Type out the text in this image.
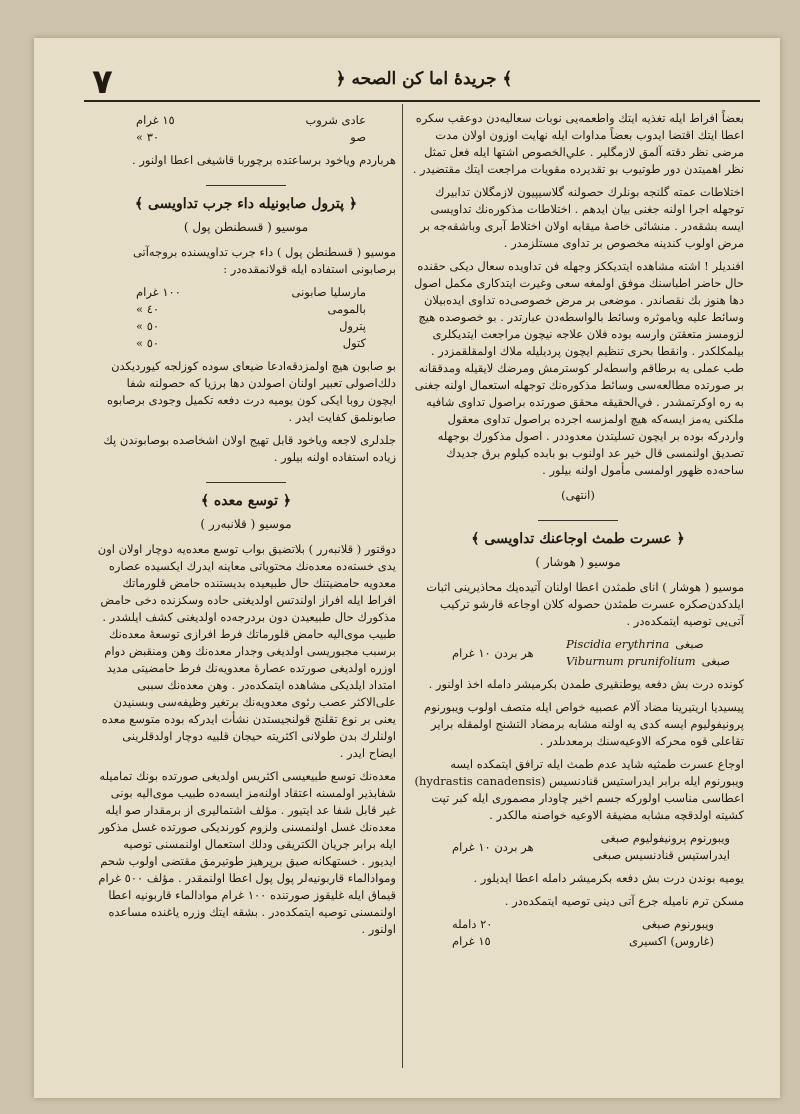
٧	﴿ جريدهٔ اما كن الصحه ﴾

بعضاً افراط ايله تغذيه ايتك واطعمه‌يى نوبات سعاليه‌دن دوعقب سكره اعطا ايتك اقتضا ايدوب بعضاً مداوات ايله نهايت اوزون اولان مدت مرضى نظر دقته آلمق لازمگلير . علي‌الخصوص اشتها ايله فعل تمثل نظر اهميتدن دور طوتيوب بو تقديرده مقويات مراجعت ايتك مقتضيدر .

اختلاطات عمته گلنجه بونلرك حصولنه گلاسيپيون لازمگلان تدابيرك توجهله اجرا اولنه جغنى بيان ايدهم . اختلاطات مذكوره‌نك تداويسى ايسه بشقه‌در . منشائى خاصهٔ ميقابه اولان اختلاط آبرى وباشقه‌جه بر مرض اولوب كندينه مخصوص بر تداوى مستلزمدر .

افنديلر ! اشته مشاهده ايتديككز وجهله فن تداويده سعال ديكى حقنده حال حاضر اطباسنك موفق اولمغه سعى وغيرت ايتدكارى مكمل اصول دها هنوز بك نقصاندر . موضعى بر مرض خصوصى‌ده تداوى ايده‌بيلان وسائط عليه وياموثره وسائط بالواسطه‌دن عبارتدر . بو خصوصده هيچ لزومسز متعقتن وارسه بوده فلان علاجه نيچون مراجعت ايتديكلرى بيلمكلكدر . وانقطا بحرى تنظيم ايچون پرديليله ملاك اولمقلقمزدر . طب عملى يه برطاقم واسطه‌لر كوسترمش ومرضك لايقيله ومدققانه بر صورتده مطالعه‌سى وسائط مذكوره‌نك توجهله استعمال اولنه جغنى به ره اوكرتمشدر . في‌الحقيقه محقق صورتده براصول تداوى شافيه ملكنى يه‌مز ايسه‌كه هيچ اولمزسه اجرده براصول تداوى معقول واردركه بوده بر ايچون تسليتدن معدوددر . اصول مذكورك بوجهله تصديق اولنمسى قال خير عد اولنوب بو بابده كيلوم برق جديدك ساحه‌ده ظهور اولمسى مأمول اولنه بيلور .

(انتهى)
﴿ عسرت طمث اوجاعنك تداويسى ﴾
موسيو ( هوشار )

موسيو ( هوشار ) اناى طمثدن اعطا اولنان آتيده‌يك محاذيرينى اثبات ايلدكدن‌صكره عسرت طمثدن حصوله كلان اوجاعه قارشو تركيب آتى‌يى توصيه ايتمكده‌در .

Piscidia erythrina صبغى
Viburnum prunifolium صبغى
هر بردن ١٠ غرام

كونده درت بش دفعه يوطنقيرى طمدن بكرميشر دامله اخذ اولنور .

پيسيديا اريتيرينا مضاد آلام عصبيه خواص ايله متصف اولوب ويبورنوم پرونيفوليوم ايسه كدى يه اولنه مشابه برمضاد التشنج اولمقله براير تقاعلى قوه محركه الاوعيه‌سنك برمعدىلدر .

اوجاع عسرت طمثيه شايد عدم طمث ايله ترافق ايتمكده ايسه ويبورنوم ايله برابر ايدراستيس قنادنسيس (hydrastis canadensis) اعطاسى مناسب اولوركه جسم اخير چاودار مصمورى ايله كبر تپت كشيته اولدقچه مشابه مضيقة الاوعيه خواصنه مالكدر .

ويبورنوم پرونيفوليوم صبغى
ايدراستيس قنادنسيس صبغى
هر بردن ١٠ غرام

يوميه بوندن درت بش دفعه بكرميشر دامله اعطا ايديلور .

مسكن ترم ناميله جرع آتى دينى توصيه ايتمكده‌در .

ويبورنوم صبغى
٢٠ دامله
(غاروس) اكسيرى
١٥ غرام
عادى شروب
١٥ غرام
صو
٣٠ »

هرباردم وياخود برساعتده برچوربا قاشيغى اعطا اولنور .

﴿ پترول صابونيله داء جرب تداويسى ﴾
موسيو ( قسطنطن پول )

موسيو ( قسطنطن پول ) داء جرب تداويسنده بروجه‌آتى برصابونى استفاده ايله قولانمقده‌در :

مارسليا صابونى
١٠٠ غرام
بالمومى
٤٠ »
پترول
٥٠ »
كتول
٥٠ »

بو صابون هيچ اولمزدقه‌ادعا ضيعاى سوده كوزلجه كيورديكدن دلك‌اصولى تعبير اولنان اصولدن دها برزيا كه حصولنه شفا ايچون روبا ايكى كون يوميه درت دفعه تكميل وجودى برصابوه صابونلمق كفايت ايدر .

جلدلرى لاجعه وياخود قابل تهيج اولان اشخاصده بوصابوندن پك زياده استفاده اولنه بيلور .

﴿ توسع معده ﴾
موسيو ( قلانبه‌رر )

دوقتور ( قلانبه‌رر ) بلاتضيق بواب توسع معده‌يه دوچار اولان اون يدى خسته‌ده معده‌نك محتوياتى معاينه ايدرك ايكسيده عصاره معدويه حامضيتنك حال طبيعيده بديستنده حامض قلورماتك افراط ايله افراز اولندتس اولديغنى حاده وسكزنده دخى حامض مذكورك حال طبيعيدن دون بردرجه‌ده اولديغنى كشف ايلشدر . طبيب موى‌اليه حامض قلورماتك فرط افرازى توسعهٔ معده‌نك برسبب مجبوريسى اولديغى وجدار معده‌نك وهن ومنقبض دوام اوزره اولديغى صورتده عصارهٔ معدويه‌نك فرط حامضيتى مديد امتداد ايلديكى مشاهده ايتمكده‌در . وهن معده‌نك سببى على‌الاكثر عصب رئوى معدويه‌نك برتغير وظيفه‌سى وبسنيدن يعنى بر نوع تقلنج قولنجيستدن نشأت ايدركه بوده متوسع معده اولنلرك بدن طولانى اكثريته حيجان قلبيه دوچار اولدقلرينى ايضاح ايدر .

معده‌نك توسع طبيعيسى اكثريس اولديغى صورتده بونك تماميله شفابذير اولمسنه اعتقاد اولنه‌مز ايسه‌ده طبيب موى‌اليه بونى غير قابل شفا عد ايتيور . مؤلف اشتماليرى از برمقدار صو ايله معده‌نك غسل اولنمسنى ولزوم كورنديكى صورتده غسل مذكور ايله برابر جريان الكتريقى ودلك استعمال اولنمسنى توصيه ايديور . خستهكانه صيق برپرهيز طوتيرمق مقتضى اولوب شحم وموادالماء قاربونيه‌لر پول پول اعطا اولنمقدر . مؤلف ٥٠٠ غرام قيماق ايله غليقوز صورتنده ١٠٠ غرام موادالماء قاربونيه اعطا اولنمسنى توصيه ايتمكده‌در . بشقه ايتك وزره ياغنده مساعده اولنور .
